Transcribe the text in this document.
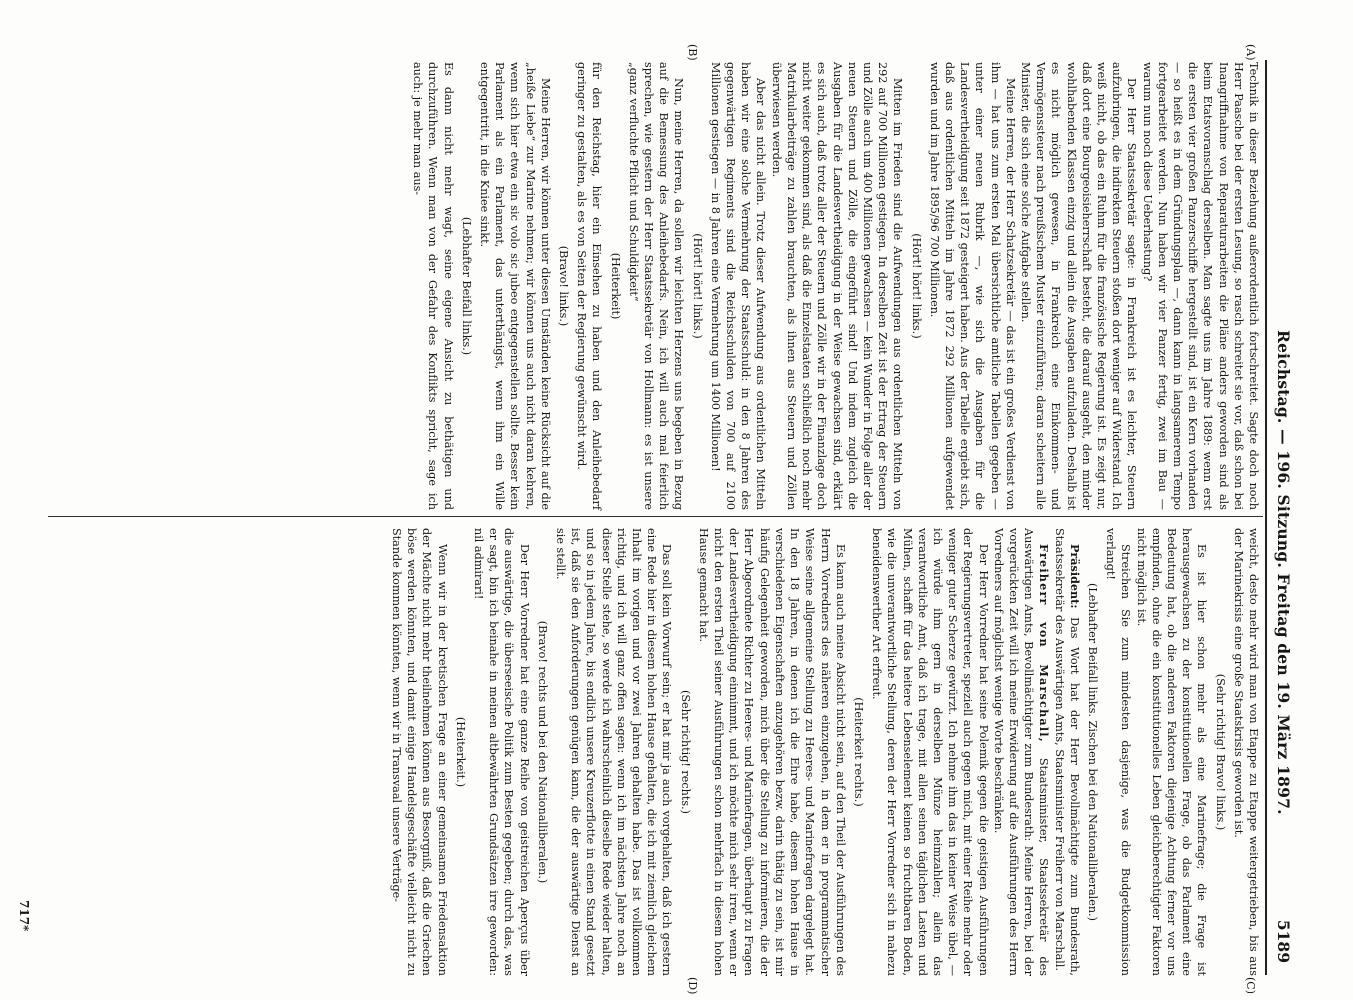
Reichstag. — 196. Sitzung. Freitag den 19. März 1897.
5189
(A)
(B)
(C)
(D)

Technik in dieser Beziehung außerordentlich fortschreitet. Sagte doch noch Herr Paasche bei der ersten Lesung, so rasch schreitet sie vor, daß schon bei Inangriffnahme von Reparaturarbeiten die Pläne anders geworden sind als beim Etatsvoranschlag derselben. Man sagte uns im Jahre 1889: wenn erst die ersten vier großen Panzerschiffe hergestellt sind, ist ein Kern vorhanden — so heißt es in dem Gründungsplan —, dann kann in langsamerem Tempo fortgearbeitet werden. Nun haben wir vier Panzer fertig, zwei im Bau — warum nun noch diese Ueberhastung?

Der Herr Staatssekretär sagte: in Frankreich ist es leichter, Steuern aufzubringen, die indirekten Steuern stoßen dort weniger auf Widerstand. Ich weiß nicht, ob das ein Ruhm für die französische Regierung ist. Es zeigt nur, daß dort eine Bourgeoisieherrschaft besteht, die darauf ausgeht, den minder wohlhabenden Klassen einzig und allein die Ausgaben aufzuladen. Deshalb ist es nicht möglich gewesen, in Frankreich eine Einkommen- und Vermögenssteuer nach preußischem Muster einzuführen; daran scheitern alle Minister, die sich eine solche Aufgabe stellen.

Meine Herren, der Herr Schatzsekretär — das ist ein großes Verdienst von ihm — hat uns zum ersten Mal übersichtliche amtliche Tabellen gegeben — unter einer neuen Rubrik —, wie sich die Ausgaben für die Landesvertheidigung seit 1872 gesteigert haben. Aus der Tabelle ergiebt sich, daß aus ordentlichen Mitteln im Jahre 1872 292 Millionen aufgewendet wurden und im Jahre 1895/96 700 Millionen.

(Hört! hört! links.)

Mitten im Frieden sind die Aufwendungen aus ordentlichen Mitteln von 292 auf 700 Millionen gestiegen. In derselben Zeit ist der Ertrag der Steuern und Zölle auch um 400 Millionen gewachsen — kein Wunder in Folge aller der neuen Steuern und Zölle, die eingeführt sind! Und indem zugleich die Ausgaben für die Landesvertheidigung in der Weise gewachsen sind, erklärt es sich auch, daß trotz aller der Steuern und Zölle wir in der Finanzlage doch nicht weiter gekommen sind, als daß die Einzelstaaten schließlich noch mehr Matrikularbeiträge zu zahlen brauchten, als ihnen aus Steuern und Zöllen überwiesen werden.

Aber das nicht allein. Trotz dieser Aufwendung aus ordentlichen Mitteln haben wir eine solche Vermehrung der Staatsschuld: in den 8 Jahren des gegenwärtigen Regiments sind die Reichsschulden von 700 auf 2100 Millionen gestiegen — in 8 Jahren eine Vermehrung um 1400 Millionen!

(Hört! hört! links.)

Nun, meine Herren, da sollen wir leichten Herzens uns begeben in Bezug auf die Bemessung des Anleihebedarfs. Nein, ich will auch mal feierlich sprechen, wie gestern der Herr Staatssekretär von Hollmann: es ist unsere „ganz verfluchte Pflicht und Schuldigkeit“

(Heiterkeit)

für den Reichstag, hier ein Einsehen zu haben und den Anleihebedarf geringer zu gestalten, als es von Seiten der Regierung gewünscht wird.

(Bravo! links.)

Meine Herren, wir können unter diesen Umständen keine Rücksicht auf die „heiße Liebe“ zur Marine nehmen; wir können uns auch nicht daran kehren, wenn sich hier etwa ein sic volo sic jubeo entgegenstellen sollte. Besser kein Parlament als ein Parlament, das unterthänigst, wenn ihm ein Wille entgegentritt, in die Kniee sinkt.

(Lebhafter Beifall links.)

Es dann nicht mehr wagt, seine eigene Ansicht zu bethätigen und durchzuführen. Wenn man von der Gefahr des Konflikts spricht, sage ich auch: je mehr man aus-

weicht, desto mehr wird man von Etappe zu Etappe weitergetrieben, bis aus der Marinekrisis eine große Staatskrisis geworden ist.

(Sehr richtig! Bravo! links.)

Es ist hier schon mehr als eine Marinefrage; die Frage ist herausgewachsen zu der konstitutionellen Frage, ob das Parlament eine Bedeutung hat, ob die anderen Faktoren diejenige Achtung ferner vor uns empfinden, ohne die ein konstitutionelles Leben gleichberechtigter Faktoren nicht möglich ist.

Streichen Sie zum mindesten dasjenige, was die Budgetkommission verlangt!

(Lebhafter Beifall links. Zischen bei den Nationalliberalen.)

Präsident: Das Wort hat der Herr Bevollmächtigte zum Bundesrath, Staatssekretär des Auswärtigen Amts, Staatsminister Freiherr von Marschall.

Freiherr von Marschall, Staatsminister, Staatssekretär des Auswärtigen Amts, Bevollmächtigter zum Bundesrath: Meine Herren, bei der vorgerückten Zeit will ich meine Erwiderung auf die Ausführungen des Herrn Vorredners auf möglichst wenige Worte beschränken.

Der Herr Vorredner hat seine Polemik gegen die geistigen Ausführungen der Regierungsvertreter, speziell auch gegen mich, mit einer Reihe mehr oder weniger guter Scherze gewürzt. Ich nehme ihm das in keiner Weise übel, — ich würde ihm gern in derselben Münze heimzahlen; allein das verantwortliche Amt, daß ich trage, mit allen seinen täglichen Lasten und Mühen, schafft für das heitere Lebenselement keinen so fruchtbaren Boden, wie die unverantwortliche Stellung, deren der Herr Vorredner sich in nahezu beneidenswerther Art erfreut.

(Heiterkeit rechts.)

Es kann auch meine Absicht nicht sein, auf den Theil der Ausführungen des Herrn Vorredners des näheren einzugehen, in dem er in programmatischer Weise seine allgemeine Stellung zu Heeres- und Marinefragen dargelegt hat. In den 18 Jahren, in denen ich die Ehre habe, diesem hohen Hause in verschiedenen Eigenschaften anzugehören bezw. darin thätig zu sein, ist mir häufig Gelegenheit geworden, mich über die Stellung zu informieren, die der Herr Abgeordnete Richter zu Heeres- und Marinefragen, überhaupt zu Fragen der Landesvertheidigung einnimmt, und ich möchte mich sehr irren, wenn er nicht den ersten Theil seiner Ausführungen schon mehrfach in diesem hohen Hause gemacht hat.

(Sehr richtig! rechts.)

Das soll kein Vorwurf sein; er hat mir ja auch vorgehalten, daß ich gestern eine Rede hier in diesem hohen Hause gehalten, die ich mit ziemlich gleichem Inhalt im vorigen und vor zwei Jahren gehalten habe. Das ist vollkommen richtig, und ich will ganz offen sagen: wenn ich im nächsten Jahre noch an dieser Stelle stehe, so werde ich wahrscheinlich dieselbe Rede wieder halten, und so in jedem Jahre, bis endlich unsere Kreuzerflotte in einen Stand gesetzt ist, daß sie den Anforderungen genügen kann, die der auswärtige Dienst an sie stellt.

(Bravo! rechts und bei den Nationalliberalen.)

Der Herr Vorredner hat eine ganze Reihe von geistreichen Aperçus über die auswärtige, die überseeische Politik zum Besten gegeben; durch das, was er sagt, bin ich beinahe in meinen altbewährten Grundsätzen irre geworden: nil admirari!

(Heiterkeit.)

Wenn wir in der kretischen Frage an einer gemeinsamen Friedensaktion der Mächte nicht mehr theilnehmen können aus Besorgniß, daß die Griechen böse werden könnten, und damit einige Handelsgeschäfte vielleicht nicht zu Stande kommen könnten, wenn wir in Transvaal unsere Verträge-

717*
